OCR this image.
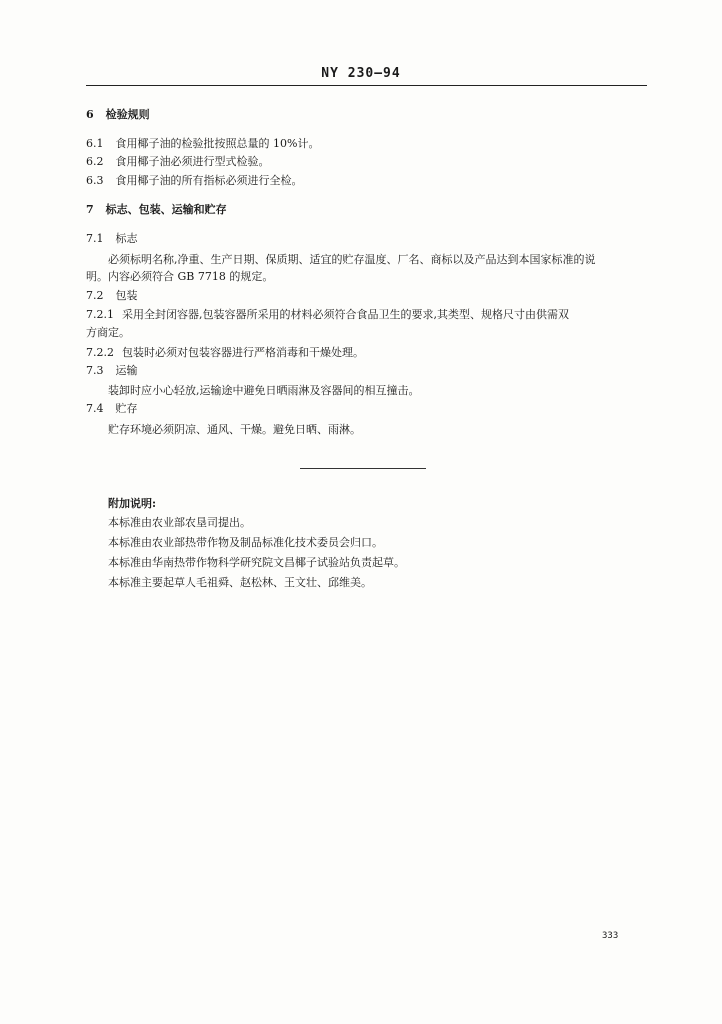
NY 230—94
6 检验规则
6.1 食用椰子油的检验批按照总量的 10%计。
6.2 食用椰子油必须进行型式检验。
6.3 食用椰子油的所有指标必须进行全检。
7 标志、包装、运输和贮存
7.1 标志
必须标明名称,净重、生产日期、保质期、适宜的贮存温度、厂名、商标以及产品达到本国家标准的说
明。内容必须符合 GB 7718 的规定。
7.2 包装
7.2.1 采用全封闭容器,包装容器所采用的材料必须符合食品卫生的要求,其类型、规格尺寸由供需双
方商定。
7.2.2 包装时必须对包装容器进行严格消毒和干燥处理。
7.3 运输
装卸时应小心轻放,运输途中避免日晒雨淋及容器间的相互撞击。
7.4 贮存
贮存环境必须阴凉、通风、干燥。避免日晒、雨淋。
附加说明:
本标准由农业部农垦司提出。
本标准由农业部热带作物及制品标准化技术委员会归口。
本标准由华南热带作物科学研究院文昌椰子试验站负责起草。
本标准主要起草人毛祖舜、赵松林、王文壮、邱维美。
333
